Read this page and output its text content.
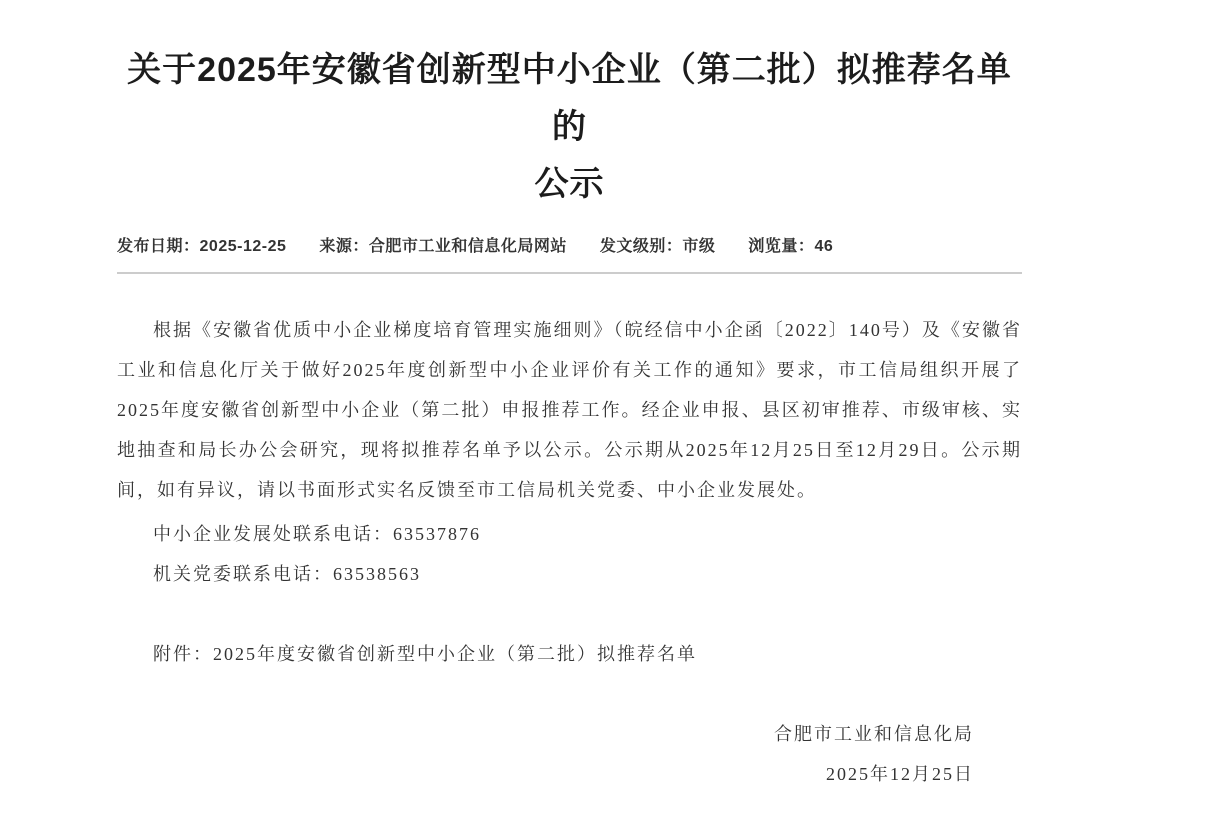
关于2025年安徽省创新型中小企业（第二批）拟推荐名单的
公示
发布日期：2025-12-25 来源：合肥市工业和信息化局网站 发文级别：市级 浏览量：46

根据《安徽省优质中小企业梯度培育管理实施细则》（皖经信中小企函〔2022〕140号）及《安徽省工业和信息化厅关于做好2025年度创新型中小企业评价有关工作的通知》要求，市工信局组织开展了2025年度安徽省创新型中小企业（第二批）申报推荐工作。经企业申报、县区初审推荐、市级审核、实地抽查和局长办公会研究，现将拟推荐名单予以公示。公示期从2025年12月25日至12月29日。公示期间，如有异议，请以书面形式实名反馈至市工信局机关党委、中小企业发展处。

中小企业发展处联系电话：63537876

机关党委联系电话：63538563

附件：2025年度安徽省创新型中小企业（第二批）拟推荐名单

合肥市工业和信息化局

2025年12月25日
